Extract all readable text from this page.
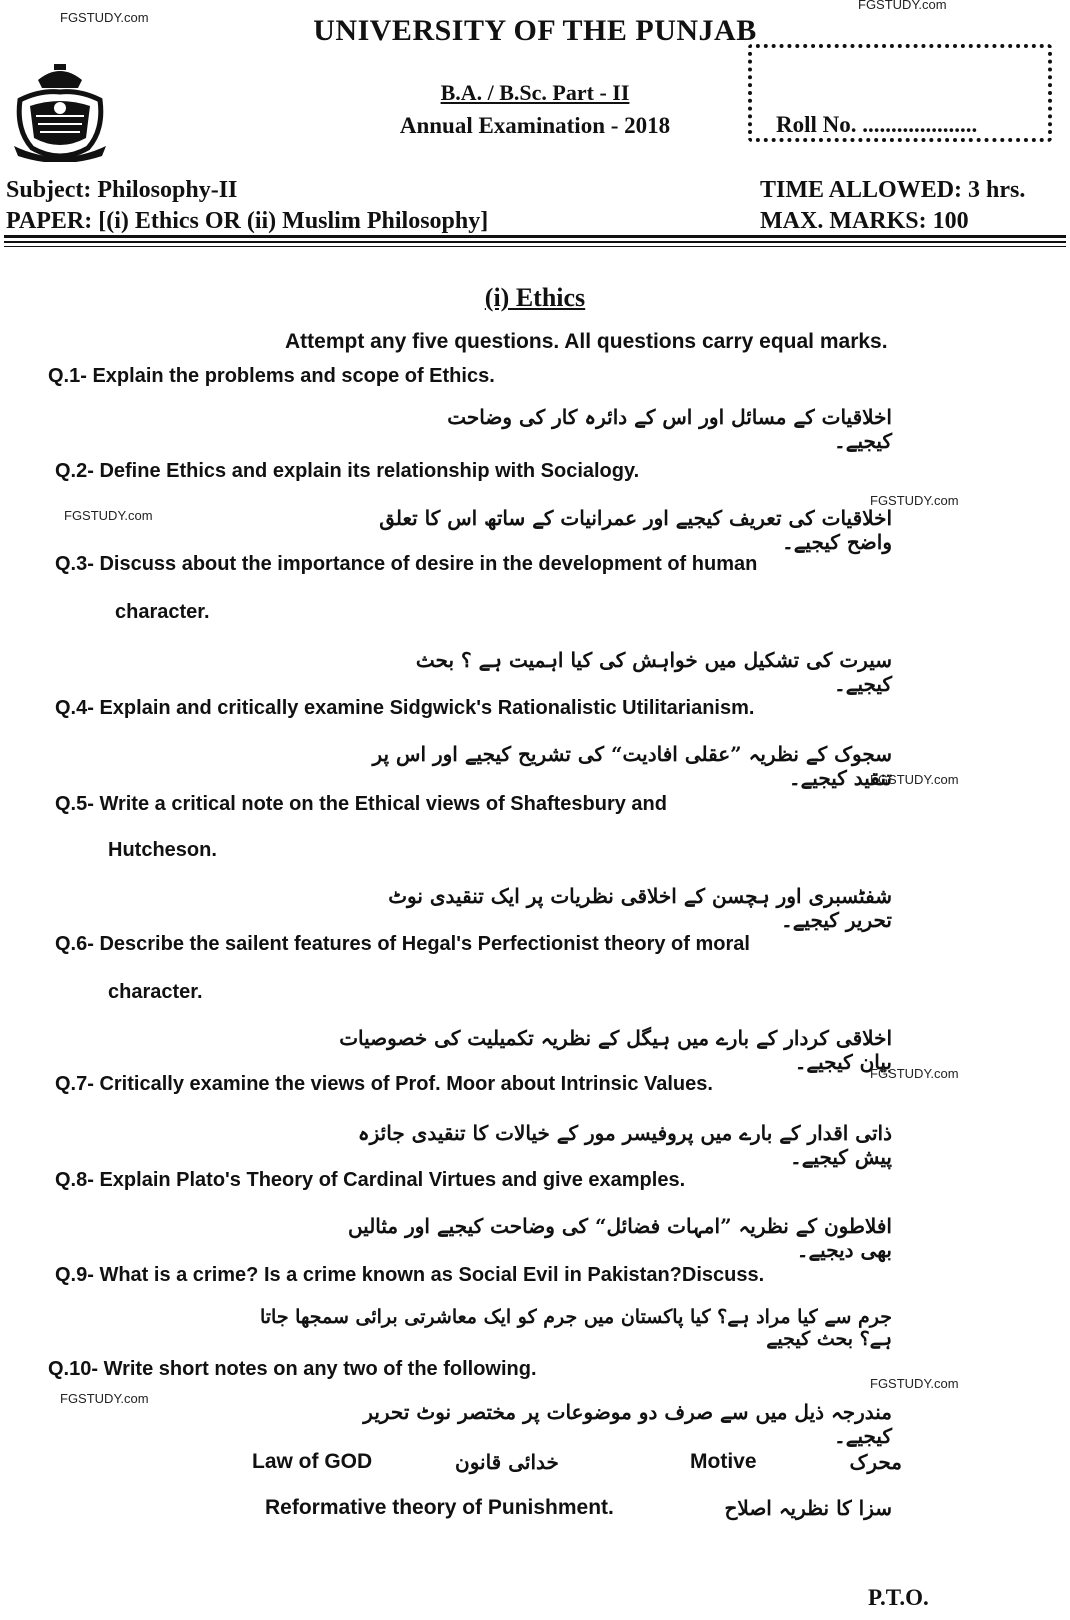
FGSTUDY.com
FGSTUDY.com
FGSTUDY.com
FGSTUDY.com
FGSTUDY.com
FGSTUDY.com
FGSTUDY.com
FGSTUDY.com
UNIVERSITY OF THE PUNJAB
B.A. / B.Sc. Part - II
Annual Examination - 2018	Roll No. ....................
Subject: Philosophy-II
PAPER: [(i) Ethics OR (ii) Muslim Philosophy]
TIME ALLOWED: 3 hrs.
MAX. MARKS: 100
(i) Ethics
Attempt any five questions. All questions carry equal marks.
Q.1- Explain the problems and scope of Ethics.
اخلاقیات کے مسائل اور اس کے دائرہ کار کی وضاحت کیجیے۔
Q.2- Define Ethics and explain its relationship with Socialogy.
اخلاقیات کی تعریف کیجیے اور عمرانیات کے ساتھ اس کا تعلق واضح کیجیے۔
Q.3- Discuss about the importance of desire in the development of human
character.
سیرت کی تشکیل میں خواہش کی کیا اہمیت ہے ؟ بحث کیجیے۔
Q.4- Explain and critically examine Sidgwick's Rationalistic Utilitarianism.
سجوک کے نظریہ ”عقلی افادیت“ کی تشریح کیجیے اور اس پر تنقید کیجیے۔
Q.5- Write a critical note on the Ethical views of Shaftesbury and
Hutcheson.
شفٹسبری اور ہچسن کے اخلاقی نظریات پر ایک تنقیدی نوٹ تحریر کیجیے۔
Q.6- Describe the sailent features of Hegal's Perfectionist theory of moral
character.
اخلاقی کردار کے بارے میں ہیگل کے نظریہ تکمیلیت کی خصوصیات بیان کیجیے۔
Q.7- Critically examine the views of Prof. Moor about Intrinsic Values.
ذاتی اقدار کے بارے میں پروفیسر مور کے خیالات کا تنقیدی جائزہ پیش کیجیے۔
Q.8- Explain Plato's Theory of Cardinal Virtues and give examples.
افلاطون کے نظریہ ”امہات فضائل“ کی وضاحت کیجیے اور مثالیں بھی دیجیے۔
Q.9- What is a crime? Is a crime known as Social Evil in Pakistan?Discuss.
جرم سے کیا مراد ہے؟ کیا پاکستان میں جرم کو ایک معاشرتی برائی سمجھا جاتا ہے؟ بحث کیجیے
Q.10- Write short notes on any two of the following.
مندرجہ ذیل میں سے صرف دو موضوعات پر مختصر نوٹ تحریر کیجیے۔
Law of GOD	خدائی قانون	Motive	محرک
Reformative theory of Punishment.	سزا کا نظریہ اصلاح
P.T.O.
